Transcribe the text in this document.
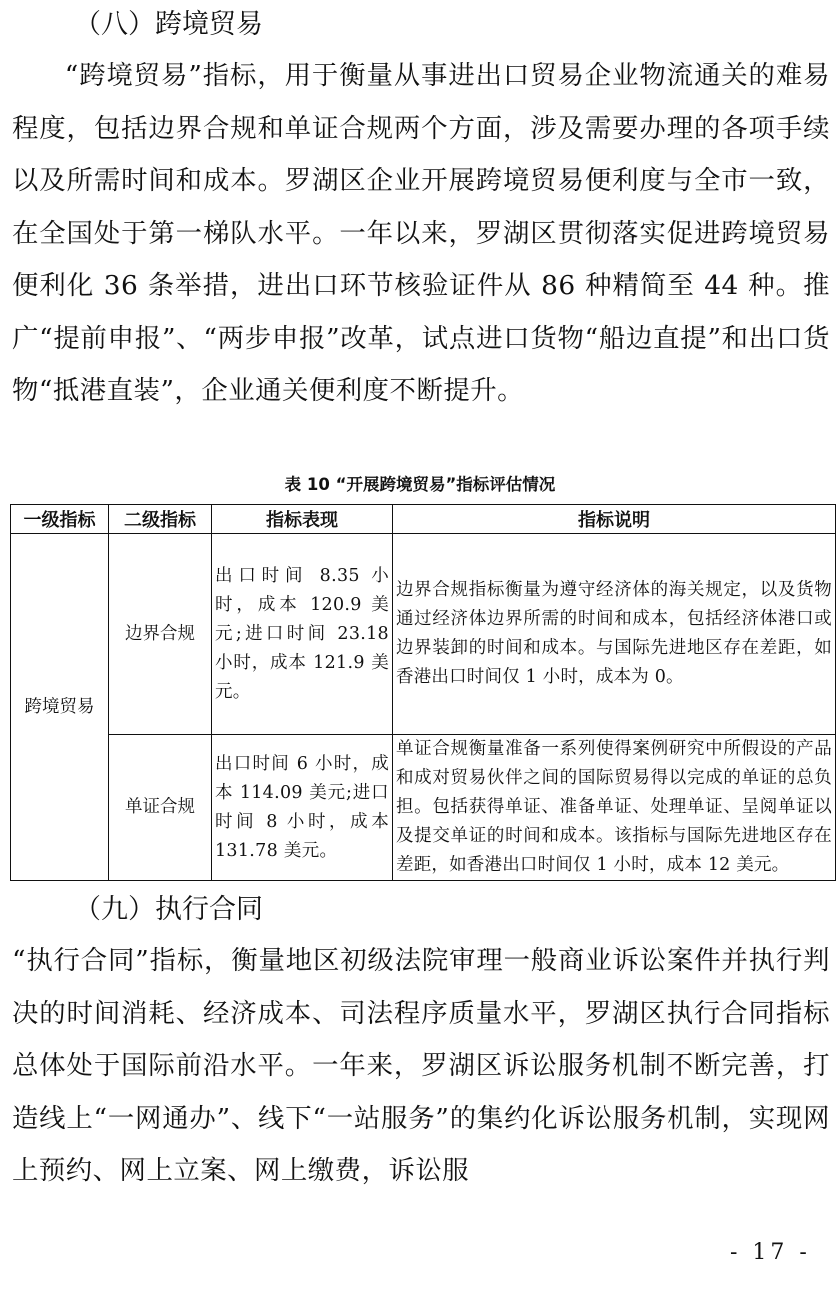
（八）跨境贸易

“跨境贸易”指标，用于衡量从事进出口贸易企业物流通关的难易程度，包括边界合规和单证合规两个方面，涉及需要办理的各项手续以及所需时间和成本。罗湖区企业开展跨境贸易便利度与全市一致，在全国处于第一梯队水平。一年以来，罗湖区贯彻落实促进跨境贸易便利化 36 条举措，进出口环节核验证件从 86 种精简至 44 种。推广“提前申报”、“两步申报”改革，试点进口货物“船边直提”和出口货物“抵港直装”，企业通关便利度不断提升。

表 10 “开展跨境贸易”指标评估情况
一级指标	二级指标	指标表现	指标说明
跨境贸易	边界合规	出口时间 8.35 小时，成本 120.9 美元;进口时间 23.18 小时，成本 121.9 美元。	边界合规指标衡量为遵守经济体的海关规定，以及货物通过经济体边界所需的时间和成本，包括经济体港口或边界装卸的时间和成本。与国际先进地区存在差距，如香港出口时间仅 1 小时，成本为 0。
	单证合规	出口时间 6 小时，成本 114.09 美元;进口时间 8 小时，成本 131.78 美元。	单证合规衡量准备一系列使得案例研究中所假设的产品和成对贸易伙伴之间的国际贸易得以完成的单证的总负担。包括获得单证、准备单证、处理单证、呈阅单证以及提交单证的时间和成本。该指标与国际先进地区存在差距，如香港出口时间仅 1 小时，成本 12 美元。
（九）执行合同

“执行合同”指标，衡量地区初级法院审理一般商业诉讼案件并执行判决的时间消耗、经济成本、司法程序质量水平，罗湖区执行合同指标总体处于国际前沿水平。一年来，罗湖区诉讼服务机制不断完善，打造线上“一网通办”、线下“一站服务”的集约化诉讼服务机制，实现网上预约、网上立案、网上缴费，诉讼服

- 17 -
